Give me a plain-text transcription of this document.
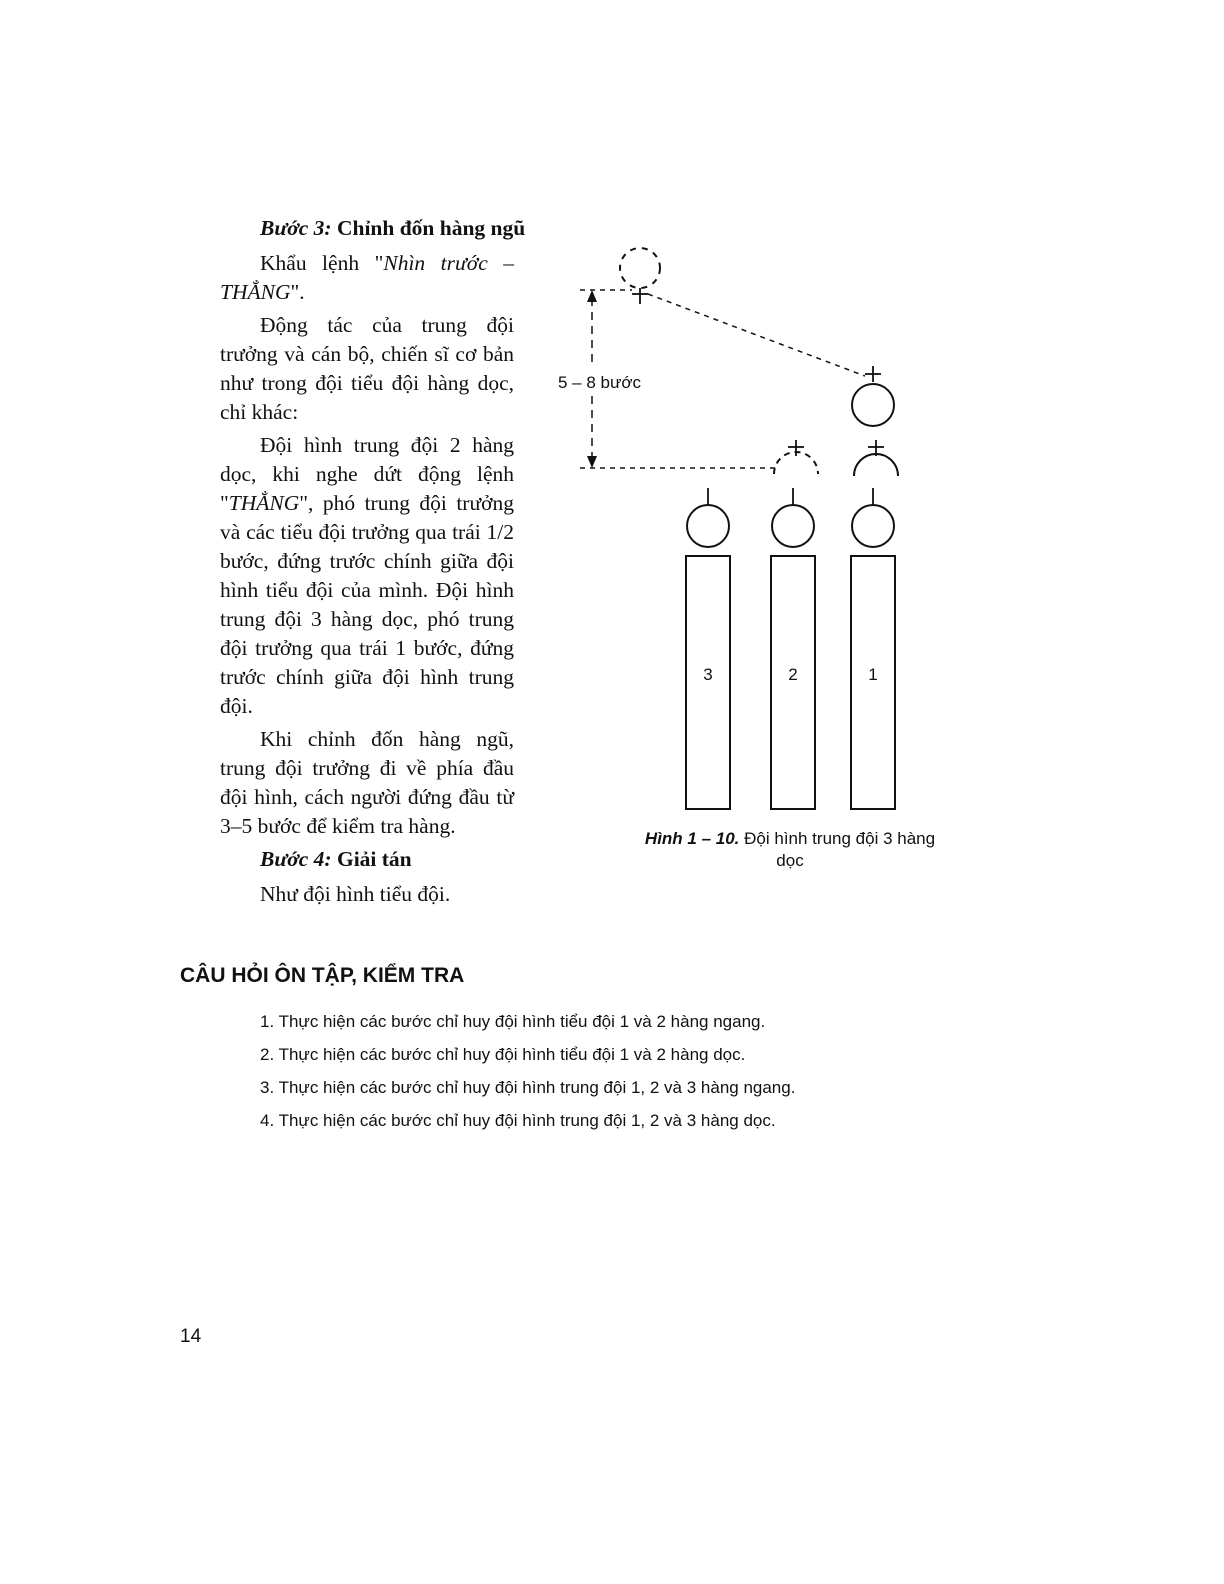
Bước 3: Chỉnh đốn hàng ngũ

Khẩu lệnh "Nhìn trước – THẲNG".

Động tác của trung đội trưởng và cán bộ, chiến sĩ cơ bản như trong đội tiểu đội hàng dọc, chỉ khác:

Đội hình trung đội 2 hàng dọc, khi nghe dứt động lệnh "THẲNG", phó trung đội trưởng và các tiểu đội trưởng qua trái 1/2 bước, đứng trước chính giữa đội hình tiểu đội của mình. Đội hình trung đội 3 hàng dọc, phó trung đội trưởng qua trái 1 bước, đứng trước chính giữa đội hình trung đội.

Khi chỉnh đốn hàng ngũ, trung đội trưởng đi về phía đầu đội hình, cách người đứng đầu từ 3–5 bước để kiểm tra hàng.

Bước 4: Giải tán

Như đội hình tiểu đội.

5 – 8 bước
3	2	1
Hình 1 – 10. Đội hình trung đội 3 hàng dọc
CÂU HỎI ÔN TẬP, KIỂM TRA
1. Thực hiện các bước chỉ huy đội hình tiểu đội 1 và 2 hàng ngang.
2. Thực hiện các bước chỉ huy đội hình tiểu đội 1 và 2 hàng dọc.
3. Thực hiện các bước chỉ huy đội hình trung đội 1, 2 và 3 hàng ngang.
4. Thực hiện các bước chỉ huy đội hình trung đội 1, 2 và 3 hàng dọc.
14
